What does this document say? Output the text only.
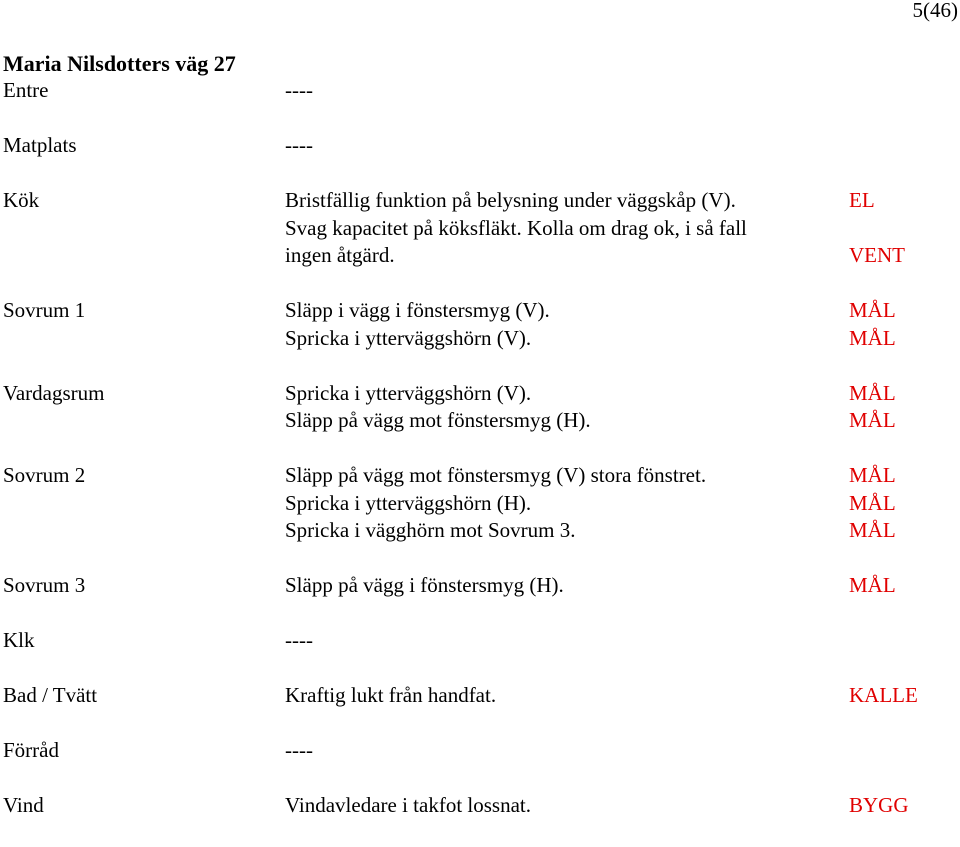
5(46)
Maria Nilsdotters väg 27
Entre	----
Matplats	----
Kök	Bristfällig funktion på belysning under väggskåp (V).	EL
Svag kapacitet på köksfläkt. Kolla om drag ok, i så fall
ingen åtgärd.	VENT
Sovrum 1	Släpp i vägg i fönstersmyg (V).	MÅL
Spricka i ytterväggshörn (V).	MÅL
Vardagsrum	Spricka i ytterväggshörn (V).	MÅL
Släpp på vägg mot fönstersmyg (H).	MÅL
Sovrum 2	Släpp på vägg mot fönstersmyg (V) stora fönstret.	MÅL
Spricka i ytterväggshörn (H).	MÅL
Spricka i vägghörn mot Sovrum 3.	MÅL
Sovrum 3	Släpp på vägg i fönstersmyg (H).	MÅL
Klk	----
Bad / Tvätt	Kraftig lukt från handfat.	KALLE
Förråd	----
Vind	Vindavledare i takfot lossnat.	BYGG
